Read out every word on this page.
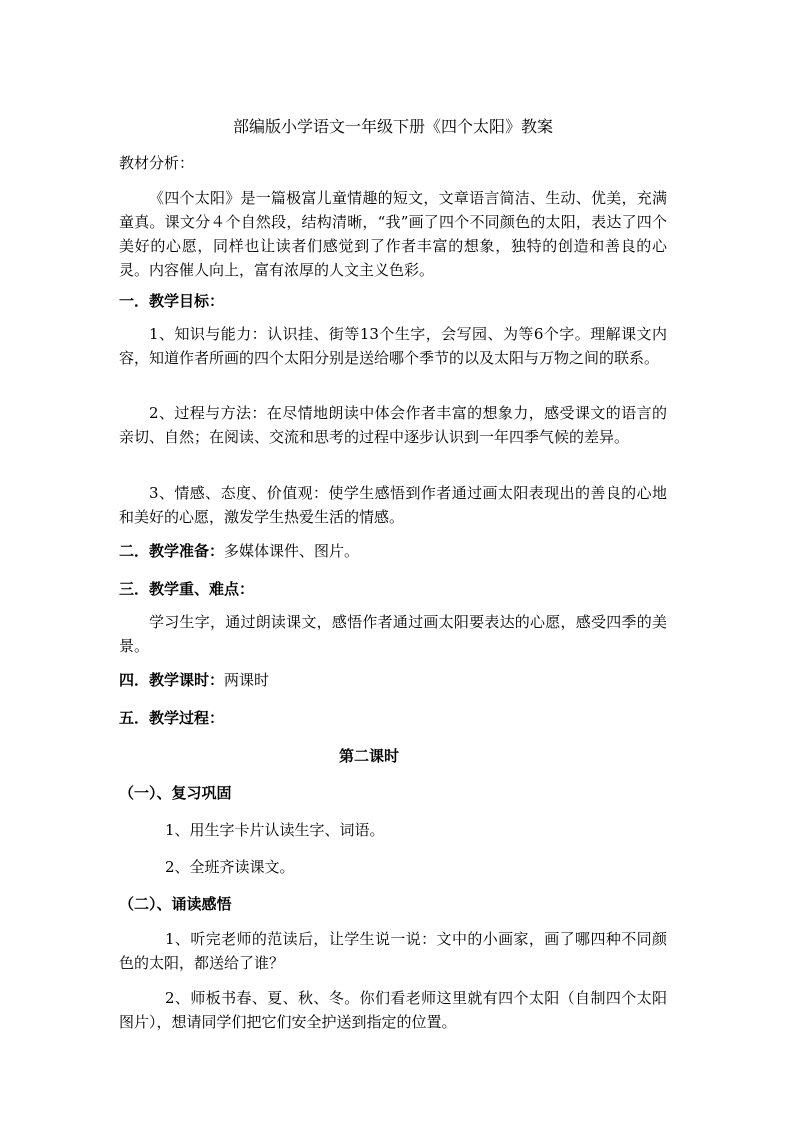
部编版小学语文一年级下册《四个太阳》教案
教材分析：
《四个太阳》是一篇极富儿童情趣的短文，文章语言简洁、生动、优美，充满童真。课文分４个自然段，结构清晰，“我”画了四个不同颜色的太阳，表达了四个美好的心愿，同样也让读者们感觉到了作者丰富的想象，独特的创造和善良的心灵。内容催人向上，富有浓厚的人文主义色彩。
一．教学目标：
1、知识与能力：认识挂、街等13个生字，会写园、为等6个字。理解课文内容，知道作者所画的四个太阳分别是送给哪个季节的以及太阳与万物之间的联系。
2、过程与方法：在尽情地朗读中体会作者丰富的想象力，感受课文的语言的亲切、自然；在阅读、交流和思考的过程中逐步认识到一年四季气候的差异。
3、情感、态度、价值观：使学生感悟到作者通过画太阳表现出的善良的心地和美好的心愿，激发学生热爱生活的情感。
二．教学准备：多媒体课件、图片。
三．教学重、难点：
学习生字，通过朗读课文，感悟作者通过画太阳要表达的心愿，感受四季的美景。
四．教学课时：两课时
五．教学过程：
第二课时
（一）、复习巩固
1、用生字卡片认读生字、词语。
2、全班齐读课文。
（二）、诵读感悟
1、听完老师的范读后，让学生说一说：文中的小画家，画了哪四种不同颜色的太阳，都送给了谁？
2、师板书春、夏、秋、冬。你们看老师这里就有四个太阳（自制四个太阳图片），想请同学们把它们安全护送到指定的位置。
